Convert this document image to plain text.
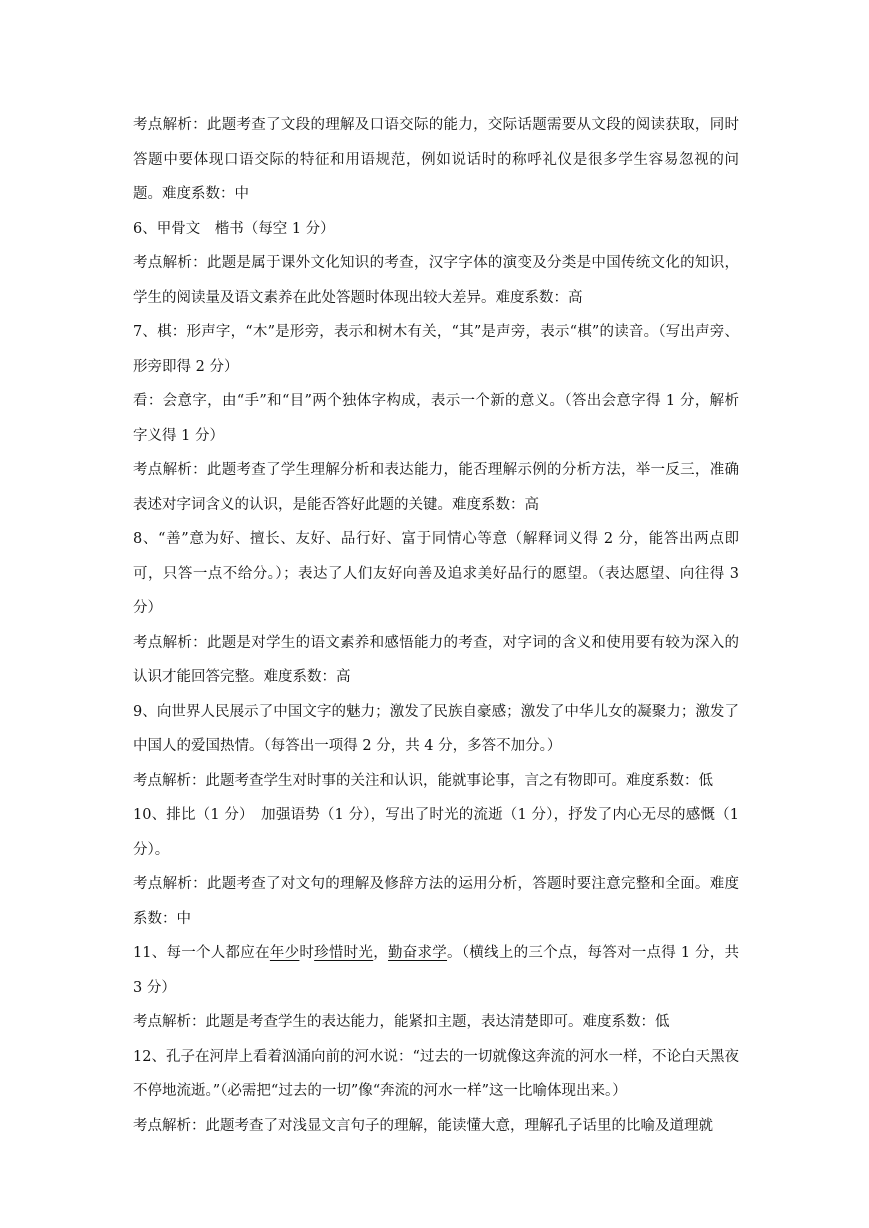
考点解析：此题考查了文段的理解及口语交际的能力，交际话题需要从文段的阅读获取，同时答题中要体现口语交际的特征和用语规范，例如说话时的称呼礼仪是很多学生容易忽视的问题。难度系数：中

6、甲骨文　楷书（每空 1 分）

考点解析：此题是属于课外文化知识的考查，汉字字体的演变及分类是中国传统文化的知识，学生的阅读量及语文素养在此处答题时体现出较大差异。难度系数：高

7、棋：形声字，“木”是形旁，表示和树木有关，“其”是声旁，表示“棋”的读音。（写出声旁、形旁即得 2 分）

看：会意字，由“手”和“目”两个独体字构成，表示一个新的意义。（答出会意字得 1 分，解析字义得 1 分）

考点解析：此题考查了学生理解分析和表达能力，能否理解示例的分析方法，举一反三，准确表述对字词含义的认识，是能否答好此题的关键。难度系数：高

8、“善”意为好、擅长、友好、品行好、富于同情心等意（解释词义得 2 分，能答出两点即可，只答一点不给分。）；表达了人们友好向善及追求美好品行的愿望。（表达愿望、向往得 3 分）

考点解析：此题是对学生的语文素养和感悟能力的考查，对字词的含义和使用要有较为深入的认识才能回答完整。难度系数：高

9、向世界人民展示了中国文字的魅力；激发了民族自豪感；激发了中华儿女的凝聚力；激发了中国人的爱国热情。（每答出一项得 2 分，共 4 分，多答不加分。）

考点解析：此题考查学生对时事的关注和认识，能就事论事，言之有物即可。难度系数：低

10、排比（1 分）　加强语势（1 分），写出了时光的流逝（1 分），抒发了内心无尽的感慨（1 分）。

考点解析：此题考查了对文句的理解及修辞方法的运用分析，答题时要注意完整和全面。难度系数：中

11、每一个人都应在年少时珍惜时光，勤奋求学。（横线上的三个点，每答对一点得 1 分，共 3 分）

考点解析：此题是考查学生的表达能力，能紧扣主题，表达清楚即可。难度系数：低

12、孔子在河岸上看着汹涌向前的河水说：“过去的一切就像这奔流的河水一样，不论白天黑夜不停地流逝。”（必需把“过去的一切”像“奔流的河水一样”这一比喻体现出来。）

考点解析：此题考查了对浅显文言句子的理解，能读懂大意，理解孔子话里的比喻及道理就
